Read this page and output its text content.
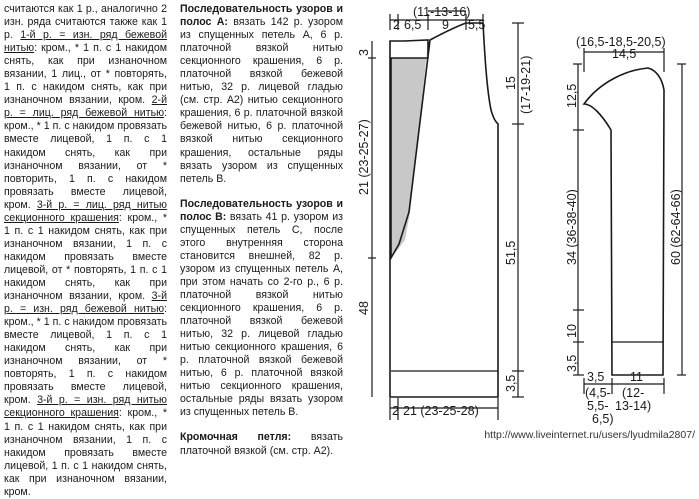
считаются как 1 р., аналогично 2 изн. ряда считаются также как 1 р. 1-й р. = изн. ряд бежевой нитью: кром., * 1 п. с 1 накидом снять, как при изнаночном вязании, 1 лиц., от * повторять, 1 п. с накидом снять, как при изнаночном вязании, кром. 2-й р. = лиц. ряд бежевой нитью: кром., * 1 п. с накидом провязать вместе лицевой, 1 п. с 1 накидом снять, как при изнаночном вязании, от * повторить, 1 п. с накидом провязать вместе лицевой, кром. 3-й р. = лиц. ряд нитью секционного крашения: кром., * 1 п. с 1 накидом снять, как при изнаночном вязании, 1 п. с накидом провязать вместе лицевой, от * повторять, 1 п. с 1 накидом снять, как при изнаночном вязании, кром. 3-й р. = изн. ряд бежевой нитью: кром., * 1 п. с накидом провязать вместе лицевой, 1 п. с 1 накидом снять, как при изнаночном вязании, от * повторять, 1 п. с накидом провязать вместе лицевой, кром. 3-й р. = изн. ряд нитью секционного крашения: кром., * 1 п. с 1 накидом снять, как при изнаночном вязании, 1 п. с накидом провязать вместе лицевой, 1 п. с 1 накидом снять, как при изнаночном вязании, кром.

Последовательность узоров и полос А: вязать 142 р. узором из спущенных петель А, 6 р. платочной вязкой нитью секционного крашения, 6 р. платочной вязкой бежевой нитью, 32 р. лицевой гладью (см. стр. А2) нитью секционного крашения, 6 р. платочной вязкой бежевой нитью, 6 р. платочной вязкой нитью секционного крашения, остальные ряды вязать узором из спущенных петель В.

Последовательность узоров и полос В: вязать 41 р. узором из спущенных петель С, после этого внутренняя сторона становится внешней, 82 р. узором из спущенных петель А, при этом начать со 2-го р., 6 р. платочной вязкой нитью секционного крашения, 6 р. платочной вязкой бежевой нитью, 32 р. лицевой гладью нитью секционного крашения, 6 р. платочной вязкой бежевой нитью, 6 р. платочной вязкой нитью секционного крашения, остальные ряды вязать узором из спущенных петель В.

Кромочная петля: вязать платочной вязкой (см. стр. А2).

2 6,5 9 5,5
(11-13-16)
15 (17-19-21)
51,5
3,5
3
21 (23-25-27)
48
2 21 (23-25-28)
(16,5-18,5-20,5)
14,5
12,5
34 (36-38-40)
10
3,5
60 (62-64-66)
3,5 11
(4,5- (12-
5,5- 13-14)
6,5)
http://www.liveinternet.ru/users/lyudmila2807/
